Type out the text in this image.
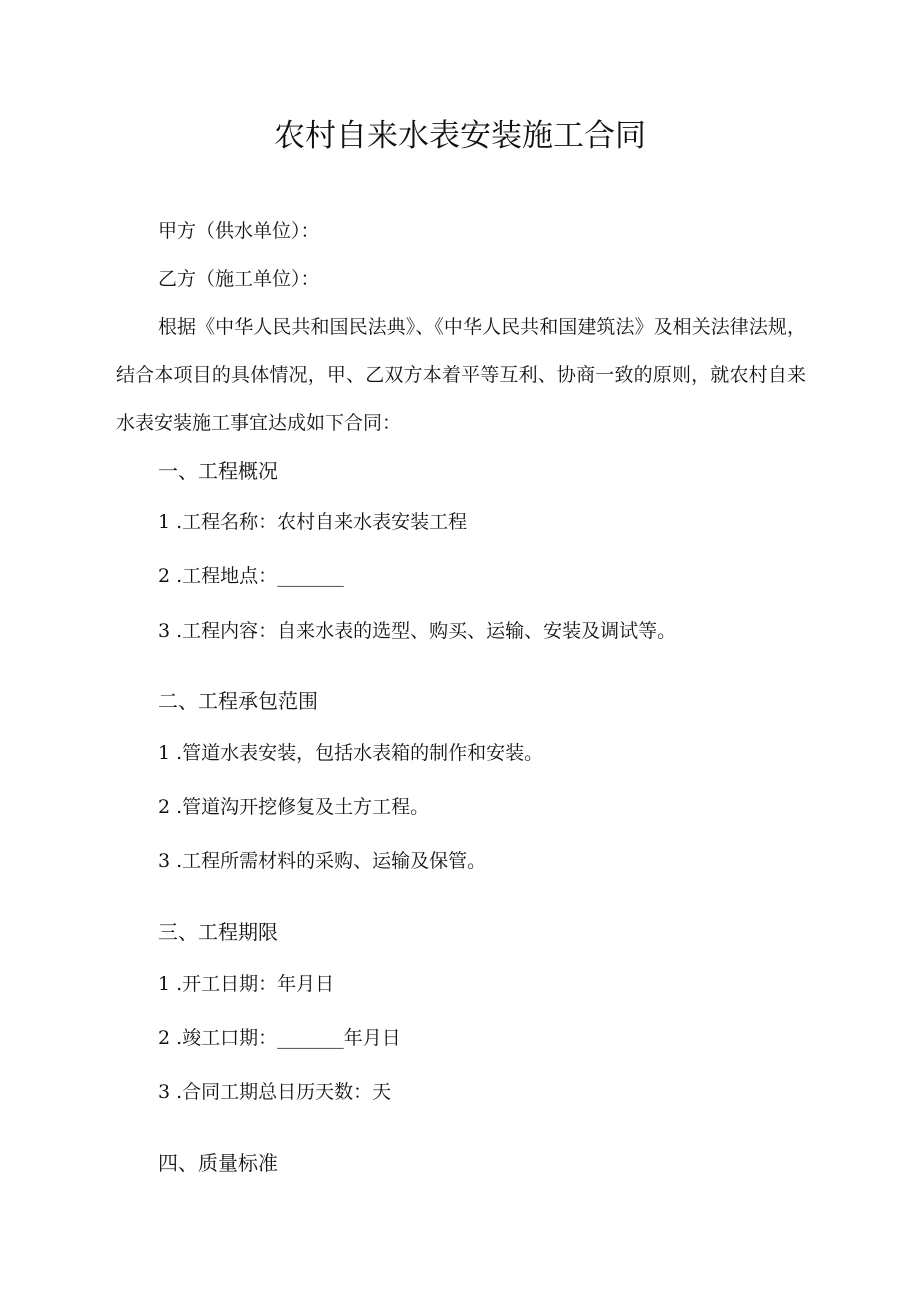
农村自来水表安装施工合同
甲方（供水单位）：
乙方（施工单位）：

根据《中华人民共和国民法典》、《中华人民共和国建筑法》及相关法律法规，结合本项目的具体情况，甲、乙双方本着平等互利、协商一致的原则，就农村自来水表安装施工事宜达成如下合同：

一、工程概况
1 .工程名称：农村自来水表安装工程
2 .工程地点：_______
3 .工程内容：自来水表的选型、购买、运输、安装及调试等。
二、工程承包范围
1 .管道水表安装，包括水表箱的制作和安装。
2 .管道沟开挖修复及土方工程。
3 .工程所需材料的采购、运输及保管。
三、工程期限
1 .开工日期：年月日
2 .竣工口期：_______年月日
3 .合同工期总日历天数：天
四、质量标准
